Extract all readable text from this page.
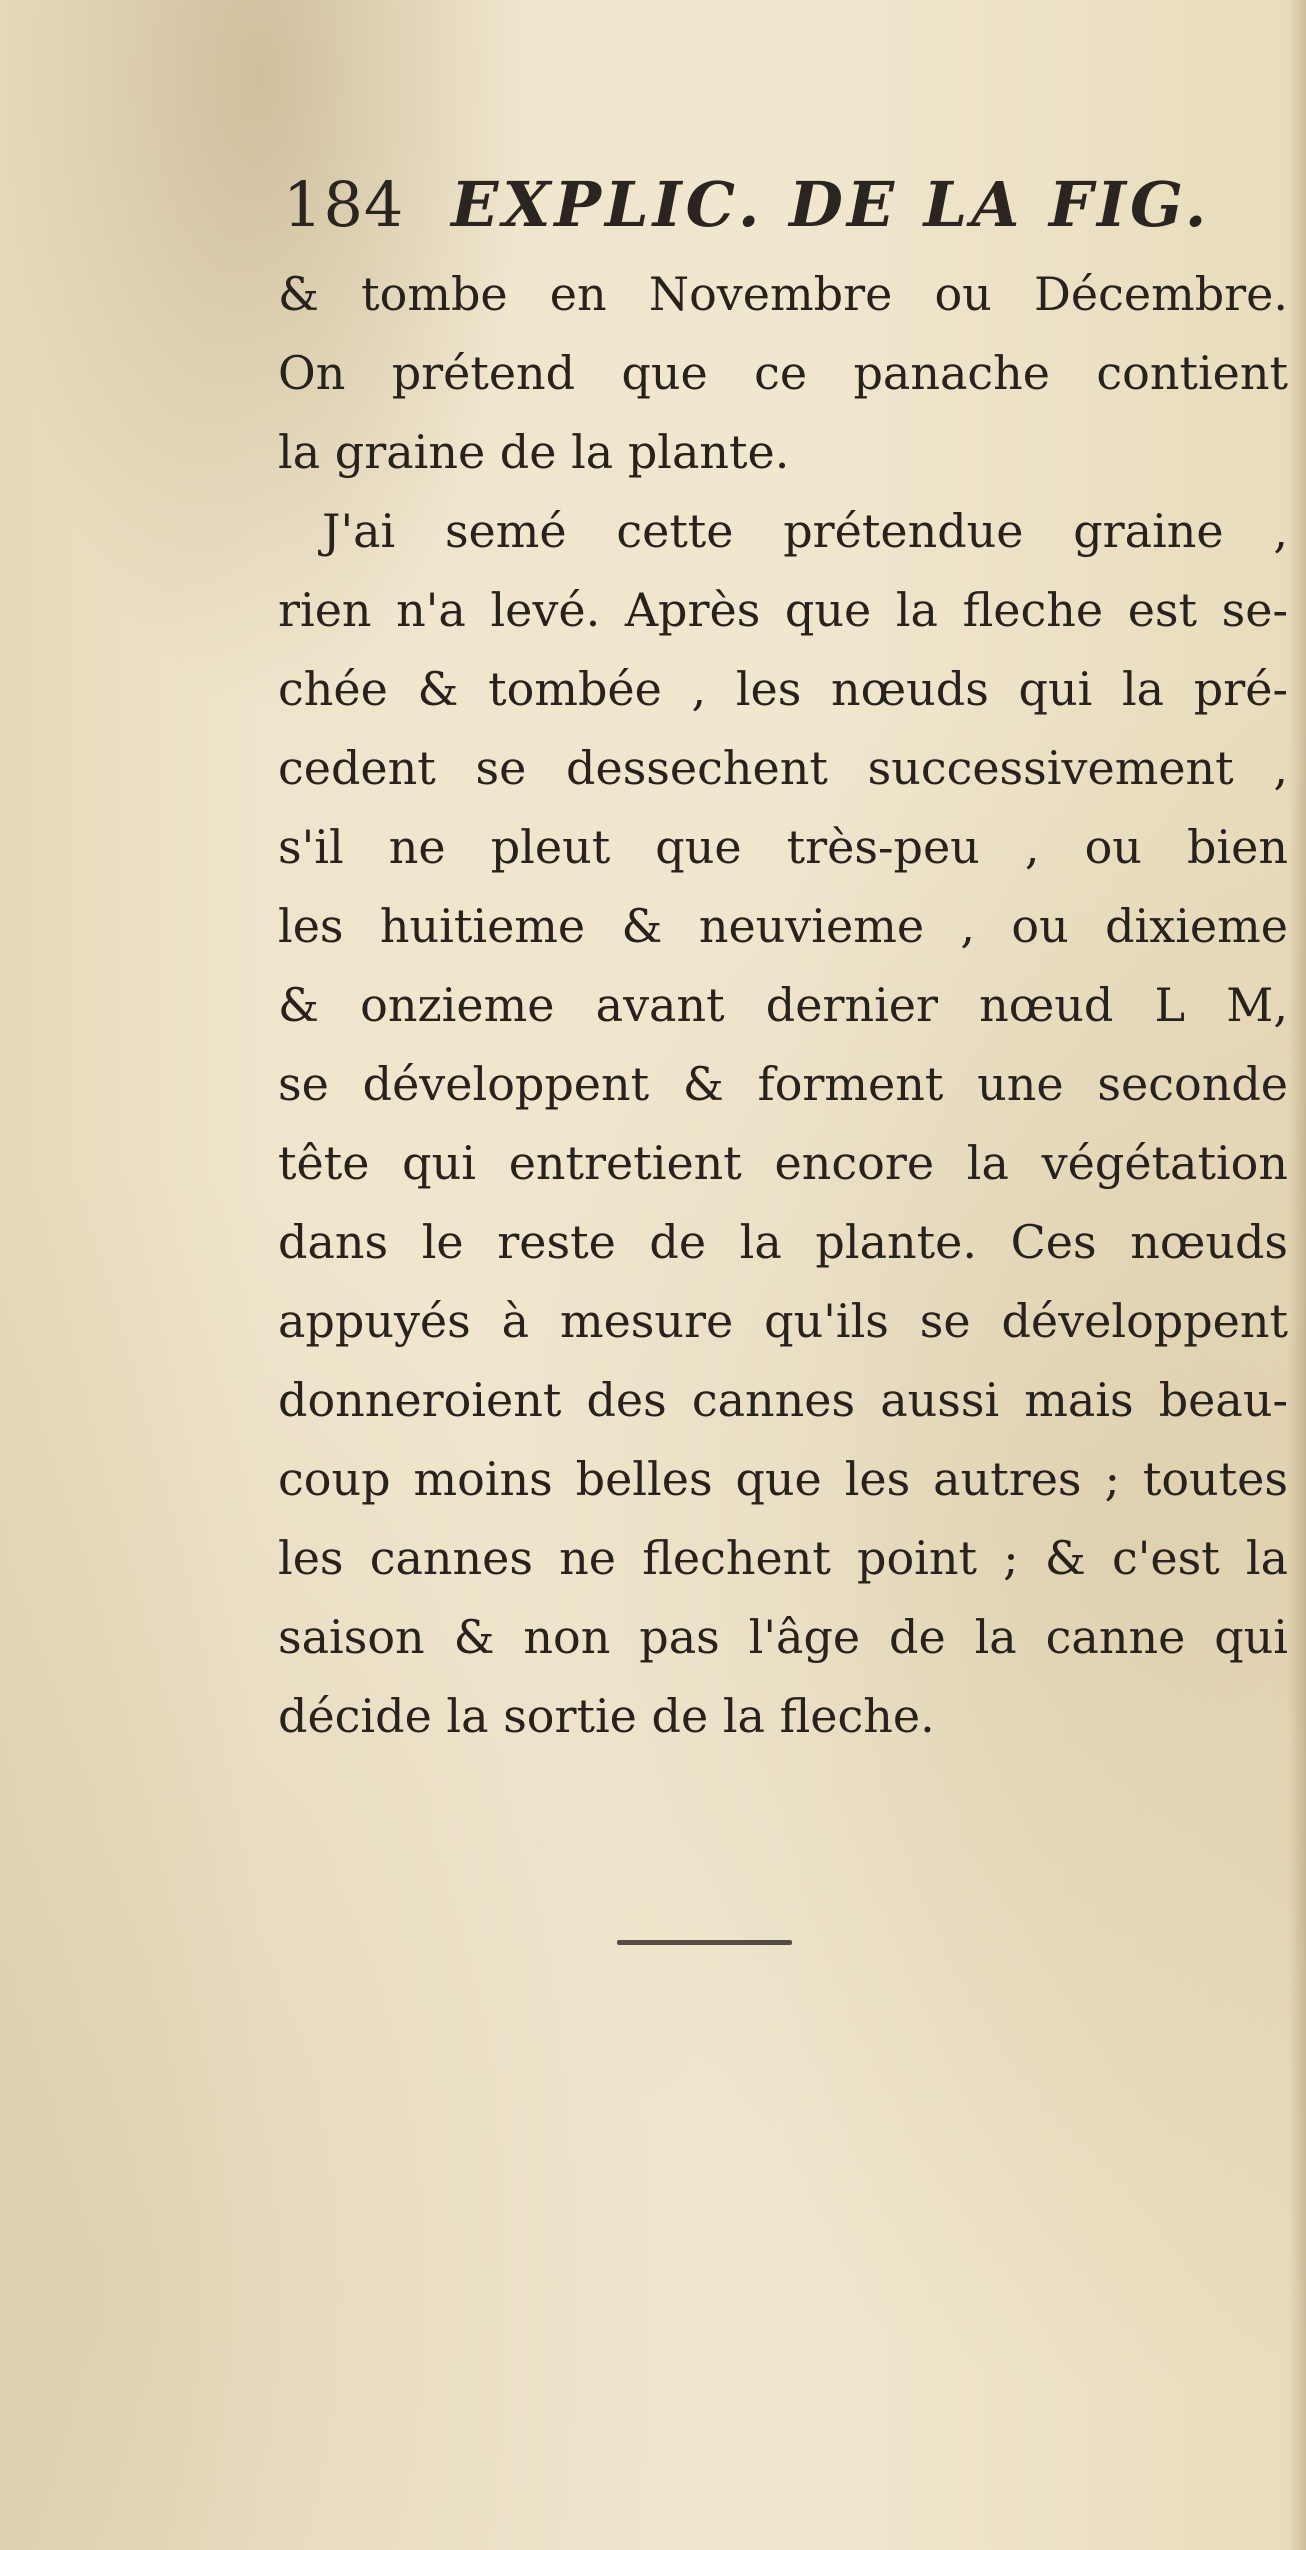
184 EXPLIC. DE LA FIG.
& tombe en Novembre ou Décembre.
On prétend que ce panache contient
la graine de la plante.
J'ai semé cette prétendue graine ,
rien n'a levé. Après que la fleche est se-
chée & tombée , les nœuds qui la pré-
cedent se dessechent successivement ,
s'il ne pleut que très-peu , ou bien
les huitieme & neuvieme , ou dixieme
& onzieme avant dernier nœud L M,
se développent & forment une seconde
tête qui entretient encore la végétation
dans le reste de la plante. Ces nœuds
appuyés à mesure qu'ils se développent
donneroient des cannes aussi mais beau-
coup moins belles que les autres ; toutes
les cannes ne flechent point ; & c'est la
saison & non pas l'âge de la canne qui
décide la sortie de la fleche.
